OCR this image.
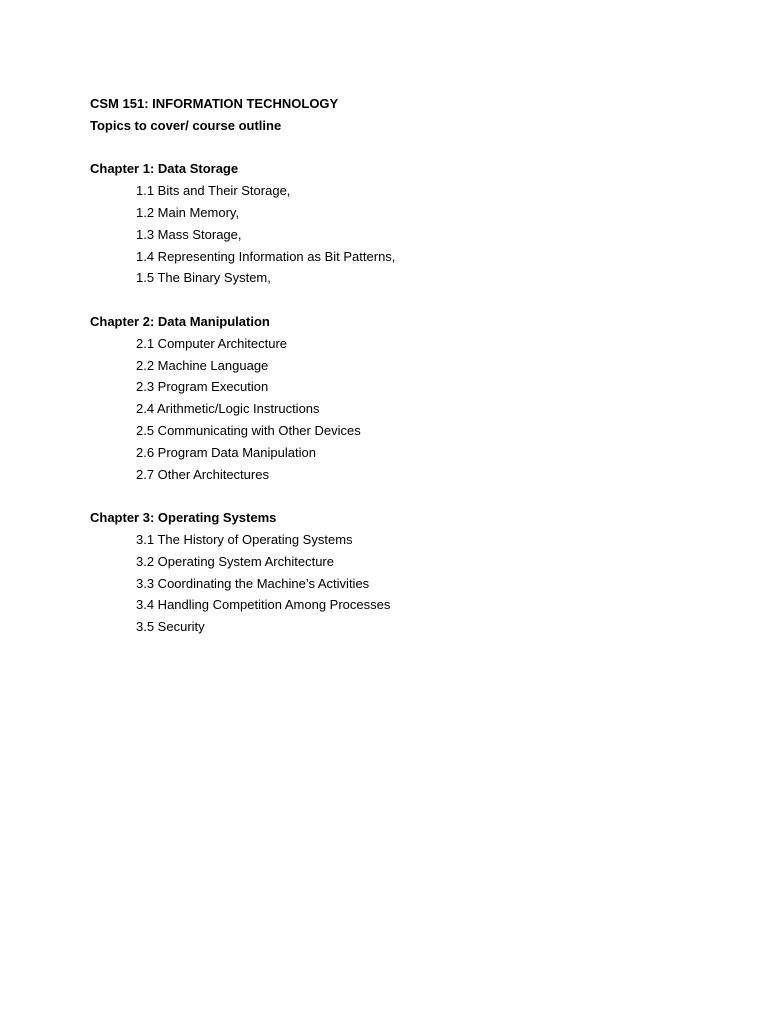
CSM 151: INFORMATION TECHNOLOGY
Topics to cover/ course outline
Chapter 1: Data Storage
1.1 Bits and Their Storage,
1.2 Main Memory,
1.3 Mass Storage,
1.4 Representing Information as Bit Patterns,
1.5 The Binary System,
Chapter 2: Data Manipulation
2.1 Computer Architecture
2.2 Machine Language
2.3 Program Execution
2.4 Arithmetic/Logic Instructions
2.5 Communicating with Other Devices
2.6 Program Data Manipulation
2.7 Other Architectures
Chapter 3: Operating Systems
3.1 The History of Operating Systems
3.2 Operating System Architecture
3.3 Coordinating the Machine’s Activities
3.4 Handling Competition Among Processes
3.5 Security
